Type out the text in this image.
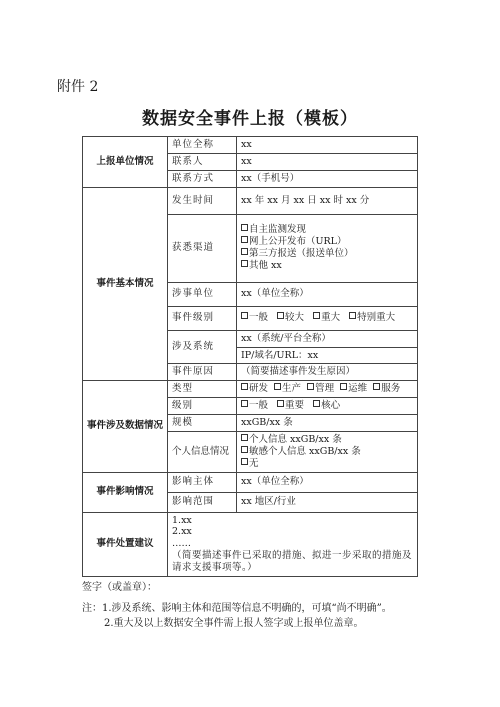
附件 2
数据安全事件上报（模板）
上报单位情况	单位全称	xx
	联系人	xx
	联系方式	xx（手机号）
事件基本情况	发生时间	xx 年 xx 月 xx 日 xx 时 xx 分
	获悉渠道	自主监测发现
网上公开发布（URL）
第三方报送（报送单位）
其他 xx

	涉事单位	xx（单位全称）
	事件级别	一般 较大 重大 特别重大
	涉及系统	xx（系统/平台全称）
		IP/域名/URL：xx
	事件原因	（简要描述事件发生原因）
事件涉及数据情况	类型	研发 生产 管理 运维 服务
	级别	一般 重要 核心
	规模	xxGB/xx 条
	个人信息情况	个人信息 xxGB/xx 条
敏感个人信息 xxGB/xx 条
无

事件影响情况	影响主体	xx（单位全称）
	影响范围	xx 地区/行业
事件处置建议	1.xx
2.xx
……
（简要描述事件已采取的措施、拟进一步采取的措施及请求支援事项等。）	
签字（或盖章）：
注：1.涉及系统、影响主体和范围等信息不明确的，可填“尚不明确”。
2.重大及以上数据安全事件需上报人签字或上报单位盖章。
